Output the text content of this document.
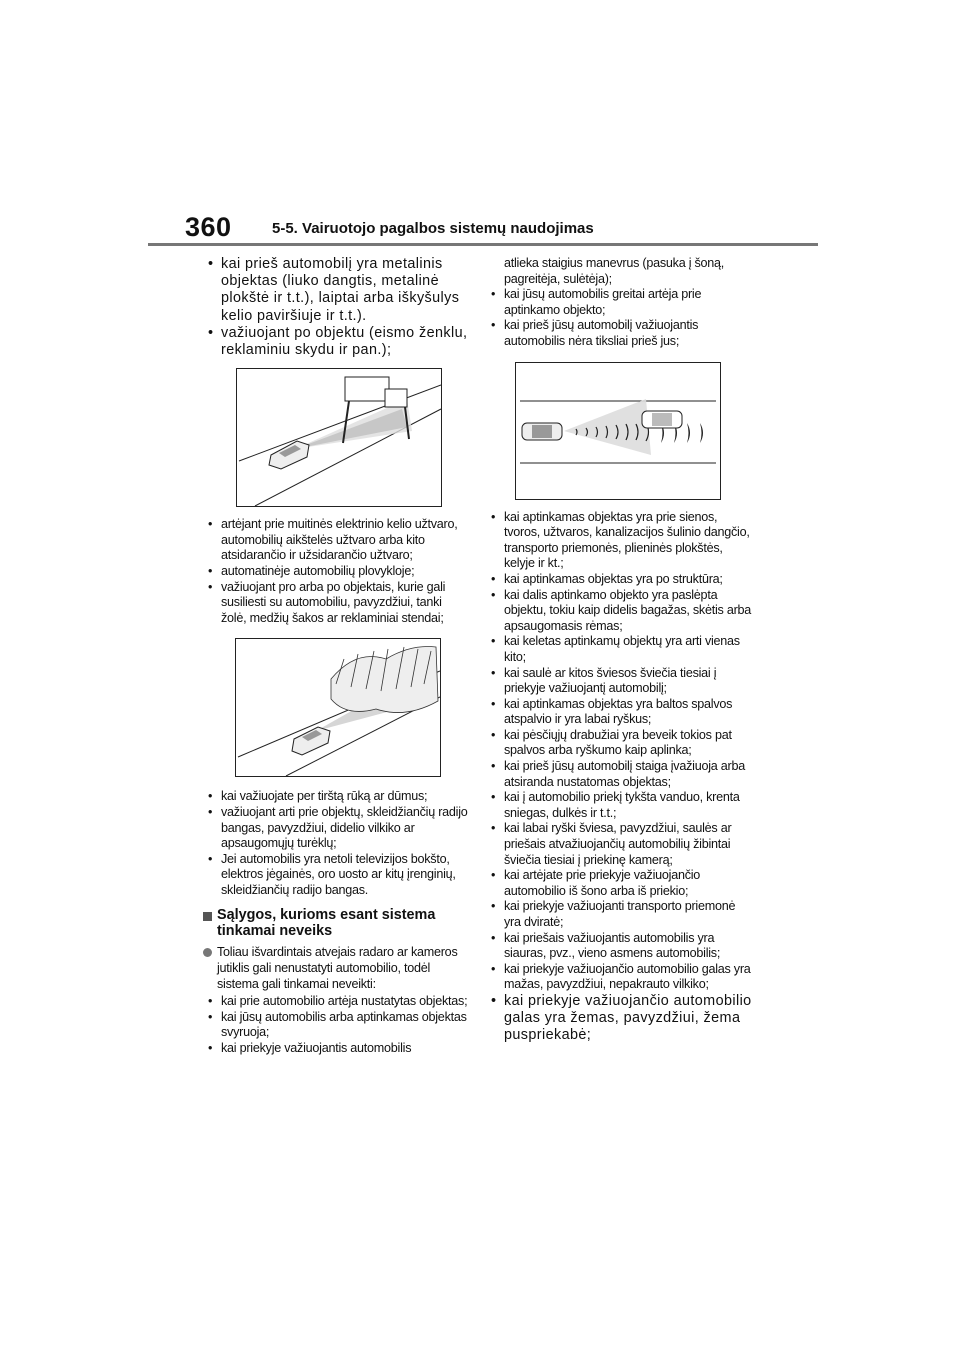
360	5-5. Vairuotojo pagalbos sistemų naudojimas
• kai prieš automobilį yra metalinis objektas (liuko dangtis, metalinė plokštė ir t.t.), laiptai arba iškyšulys kelio paviršiuje ir t.t.).
• važiuojant po objektu (eismo ženklu, reklaminiu skydu ir pan.);
• artėjant prie muitinės elektrinio kelio užtvaro, automobilių aikštelės užtvaro arba kito atsidarančio ir užsidarančio užtvaro;
• automatinėje automobilių plovykloje;
• važiuojant pro arba po objektais, kurie gali susiliesti su automobiliu, pavyzdžiui, tanki žolė, medžių šakos ar reklaminiai stendai;
• kai važiuojate per tirštą rūką ar dūmus;
• važiuojant arti prie objektų, skleidžiančių radijo bangas, pavyzdžiui, didelio vilkiko ar apsaugomųjų turėklų;
• Jei automobilis yra netoli televizijos bokšto, elektros jėgainės, oro uosto ar kitų įrenginių, skleidžiančių radijo bangas.
Sąlygos, kurioms esant sistema tinkamai neveiks
Toliau išvardintais atvejais radaro ar kameros jutiklis gali nenustatyti automobilio, todėl sistema gali tinkamai neveikti:
• kai prie automobilio artėja nustatytas objektas;
• kai jūsų automobilis arba aptinkamas objektas svyruoja;
• kai priekyje važiuojantis automobilis
atlieka staigius manevrus (pasuka į šoną, pagreitėja, sulėtėja);
• kai jūsų automobilis greitai artėja prie aptinkamo objekto;
• kai prieš jūsų automobilį važiuojantis automobilis nėra tiksliai prieš jus;
• kai aptinkamas objektas yra prie sienos, tvoros, užtvaros, kanalizacijos šulinio dangčio, transporto priemonės, plieninės plokštės, kelyje ir kt.;
• kai aptinkamas objektas yra po struktūra;
• kai dalis aptinkamo objekto yra paslėpta objektu, tokiu kaip didelis bagažas, skėtis arba apsaugomasis rėmas;
• kai keletas aptinkamų objektų yra arti vienas kito;
• kai saulė ar kitos šviesos šviečia tiesiai į priekyje važiuojantį automobilį;
• kai aptinkamas objektas yra baltos spalvos atspalvio ir yra labai ryškus;
• kai pėsčiųjų drabužiai yra beveik tokios pat spalvos arba ryškumo kaip aplinka;
• kai prieš jūsų automobilį staiga įvažiuoja arba atsiranda nustatomas objektas;
• kai į automobilio priekį tykšta vanduo, krenta sniegas, dulkės ir t.t.;
• kai labai ryški šviesa, pavyzdžiui, saulės ar priešais atvažiuojančių automobilių žibintai šviečia tiesiai į priekinę kamerą;
• kai artėjate prie priekyje važiuojančio automobilio iš šono arba iš priekio;
• kai priekyje važiuojanti transporto priemonė yra dviratė;
• kai priešais važiuojantis automobilis yra siauras, pvz., vieno asmens automobilis;
• kai priekyje važiuojančio automobilio galas yra mažas, pavyzdžiui, nepakrauto vilkiko;
• kai priekyje važiuojančio automobilio galas yra žemas, pavyzdžiui, žema puspriekabė;
